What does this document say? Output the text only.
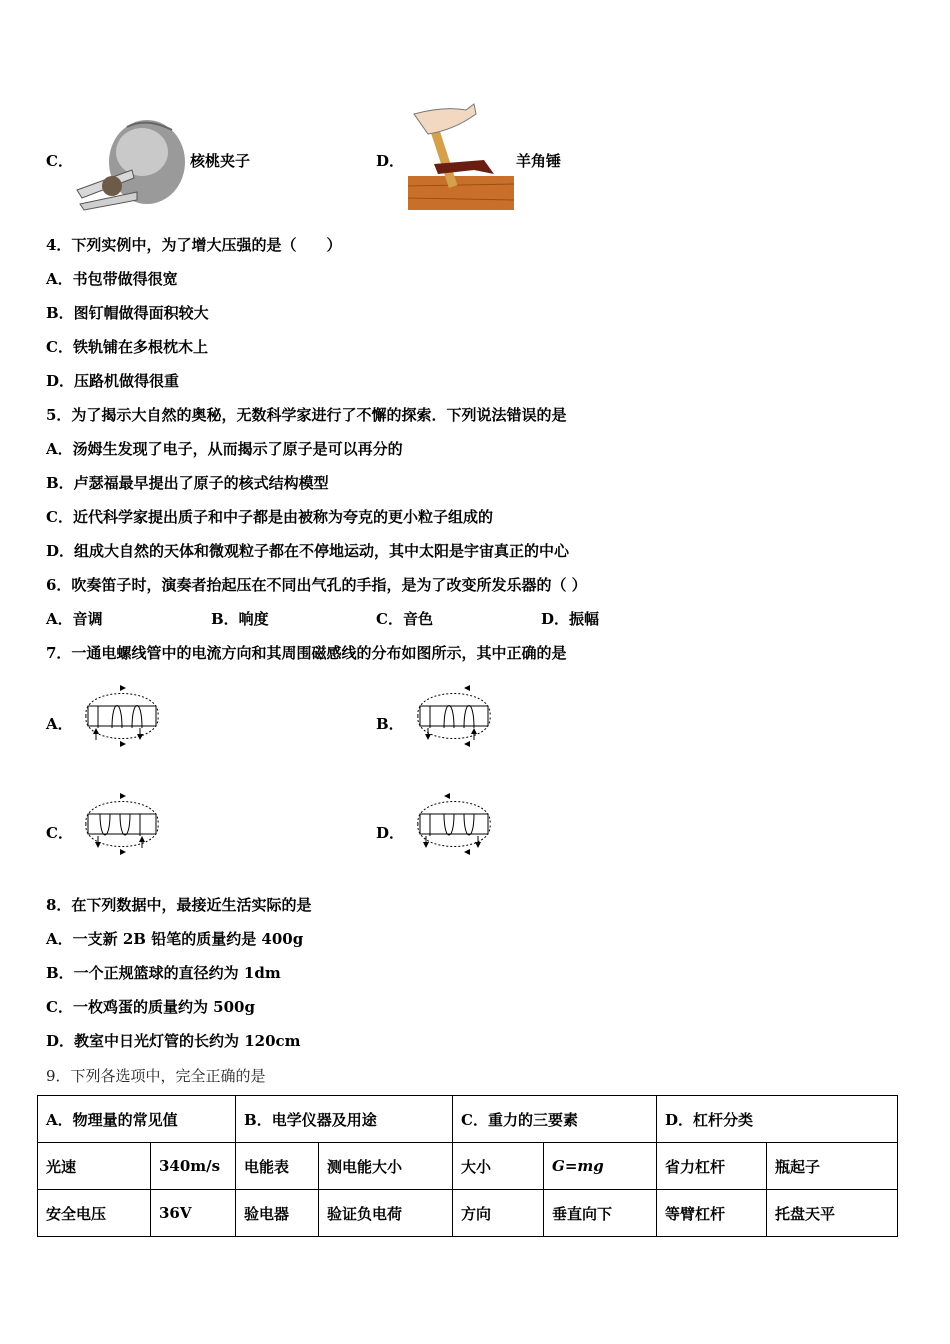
C．	核桃夹子	D．	羊角锤
4．下列实例中，为了增大压强的是（　　）
A．书包带做得很宽
B．图钉帽做得面积较大
C．铁轨铺在多根枕木上
D．压路机做得很重
5．为了揭示大自然的奥秘，无数科学家进行了不懈的探索．下列说法错误的是
A．汤姆生发现了电子，从而揭示了原子是可以再分的
B．卢瑟福最早提出了原子的核式结构模型
C．近代科学家提出质子和中子都是由被称为夸克的更小粒子组成的
D．组成大自然的天体和微观粒子都在不停地运动，其中太阳是宇宙真正的中心
6．吹奏笛子时，演奏者抬起压在不同出气孔的手指，是为了改变所发乐器的（ ）
A．音调	B．响度	C．音色	D．振幅
7．一通电螺线管中的电流方向和其周围磁感线的分布如图所示，其中正确的是
A．	B．
C．	D．
8．在下列数据中，最接近生活实际的是
A．一支新 2B 铅笔的质量约是 400g
B．一个正规篮球的直径约为 1dm
C．一枚鸡蛋的质量约为 500g
D．教室中日光灯管的长约为 120cm
9．下列各选项中，完全正确的是
A．物理量的常见值		B．电学仪器及用途		C．重力的三要素		D．杠杆分类	
光速	340m/s	电能表	测电能大小	大小	G=mg	省力杠杆	瓶起子
安全电压	36V	验电器	验证负电荷	方向	垂直向下	等臂杠杆	托盘天平
